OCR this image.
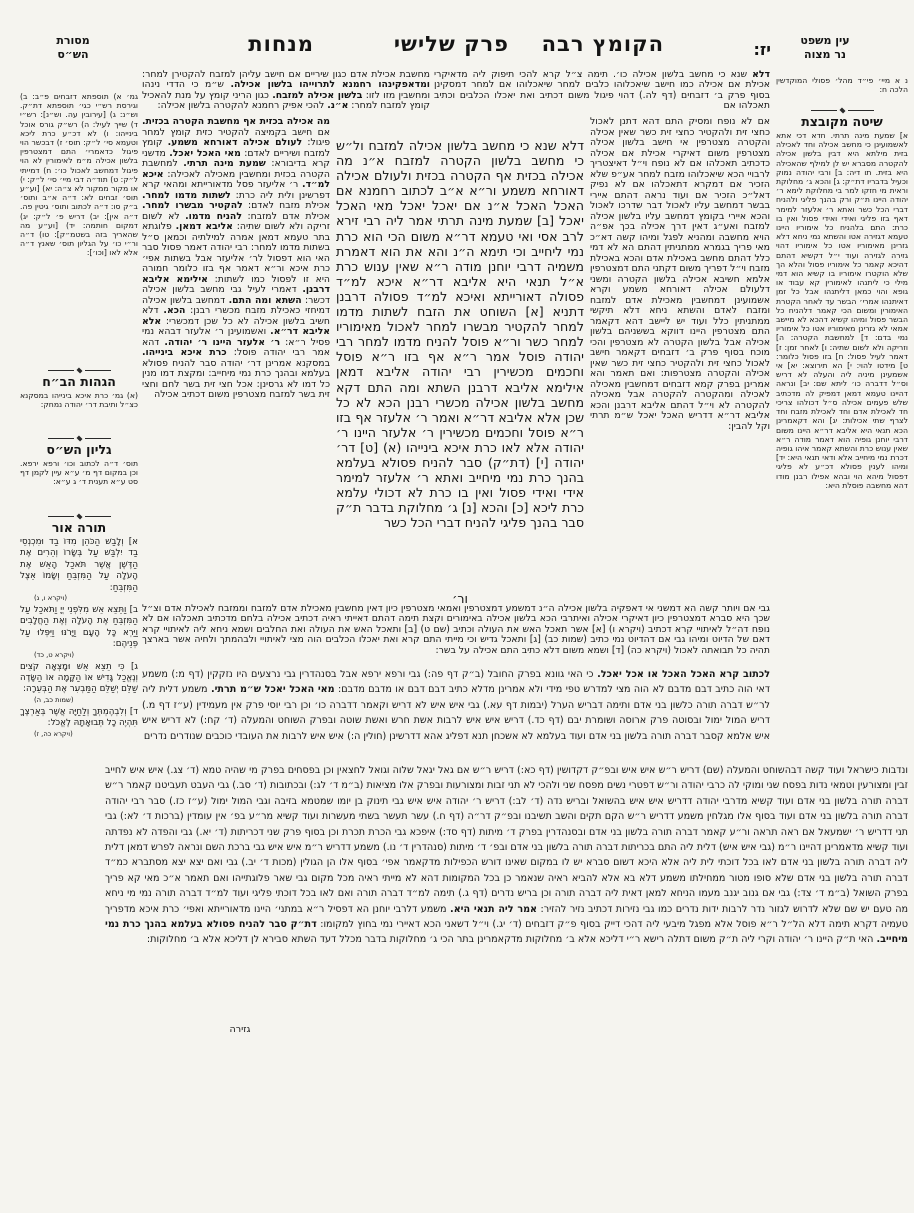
עין משפט
נר מצוה
יז:
הקומץ רבה
פרק שלישי
מנחות
מסורת
הש״ס
נ א מיי׳ פי״ד מהל׳ פסולי המוקדשין הלכה ח:
שיטה מקובצת
א] שמעת מינה תרתי. חדא דכי אתא לאשמועינן כי מחשב אכילה וחד לאכילה בזית מילתא היא דבין בלשון אכילה להקטרה מסברא יש לן למילף שהאכילה היא בזית. תו דיה: ב] ורבי יהודה נמוק וכעיל בדבריו דת״ק: ג] והכא ג׳ מחלוקת וראית מי חזקו למר בי מחלוקת לימא ר׳ יהודה היינו ת״ק ורק בהנך פליגי ולהניח דברי הכל כשר ואתא ר׳ אלעזר למימר דאף בזו פליגי ואידי ואידי פסול ואין בו כרת: התם בלהניח כל אימוריו היינו טעמא דגזירה אטו והשתא נמי ניחא דלא גזרינן מאימוריו אטו כל אימוריו דהוי גזירה לגזירה ועוד י״ל דקשיא דהתם דהיכא קאמר כל אימוריו פסול והלא הך שלא הוקטרו אימוריו בו קשיא הוא דמי מילי כי ליתנהו לאימורין קא עבוד או גופא והוי כמאן דליתנהו אבל כל זמן דאיתנהו אמרי׳ הבשר עד לאחר הקטרת האימורין ומשום הכי קאמר דלהניח כל הבשר פסול ומיהו קשיא דהכא לא מיישב אמאי לא גזרינן מאימוריו אטו כל אימוריו נמי בדם: ד] למחשבת הקטרה: ה] וזריקה ולא לשום שתיה: ו] לאחר זמן: ז] דאמר לעיל פסול: ח] בזו פסול כלומר: ט] מידטו להוי: י] הא תירוצא: יא] אי אשמעינן מיניה ליה והעלה לא דריש וס״ל דדברה כו׳ ליתא שם: יב] ונראה דהיינו טעמא דמאן דמפיק לה מדכתיב שלש פעמים אכילה ס״ל דכולהו צריכי חד לאכילת אדם וחד לאכילת מזבח וחד לצרף שתי אכילות: יג] והא דקאמרינן הכא תנאי היא אליבא דר״א היינו משום דרבי יוחנן גופיה הוא דאמר מודה ר״א שאין ענוש כרת והשתא קאמר איהו גופיה דכרת נמי מיחייב אלא ודאי תנאי היא: יד] ומיהו לענין פסולא דכ״ע לא פליגי דפסול מיהא הוי ובהא אפילו רבנן מודו דהא מחשבה פוסלת היא:
גמ׳ א) תוספתא דזבחים פ״ב: ב) וגירסת רש״י כגי׳ תוספתא דת״ק. וש״נ: ג) [עירובין עה. וש״נ]: רש״י ד) שייך לעיל: ה) רש״ק גורס אוכל בינייהו: ו) לא דכ״ע כרת ליכא וטעמא סי׳ ל״ק: תוס׳ ז) דבכשר הוי פיגול כדאמרי׳ התם דמצטרפין בלשון אכילה מ״מ לאימורין לא הוי פיגול דמחשב לאכול כו׳: ח) דמייתי ל״ק: ט) תוד״ה דבי מיי׳ סי׳ ל״ק: י) או מקור ממקור לא צ״ה: יא) [וע״ע תוס׳ זבחים לא: ד״ה א״ב ותוס׳ ב״ק סו: ד״ה לכתוב ותוס׳ גיטין פה. ד״ה אין]: יב) דריש פ׳ ל״ק: יג) דמקום חותמה: יד) [וע״ע מה שהאריך בזה בשטמ״ק]: טו) ד״ה ור״י כו׳ על הגליון תוס׳ שאנץ ד״ה אלא לאו [וכו׳]:
הגהות הב״ח
(א) גמ׳ כרת איכא בינייהו במסקנא כצ״ל ותיבת דר׳ יהודה נמחק:
גליון הש״ס
תוס׳ ד״ה לכתוב וכו׳ ורפא ירפא. וכן במקום דף מ׳ ע״א עיין לקמן דף סט ע״א תענית ד׳ ג ע״א:
תורה אור
א] וְלָבַשׁ הַכֹּהֵן מִדּוֹ בַד וּמִכְנְסֵי בַד יִלְבַּשׁ עַל בְּשָׂרוֹ וְהֵרִים אֶת הַדֶּשֶׁן אֲשֶׁר תֹּאכַל הָאֵשׁ אֶת הָעֹלָה עַל הַמִּזְבֵּחַ וְשָׂמוֹ אֵצֶל הַמִּזְבֵּחַ:
(ויקרא ו, ג)
ב] וַתֵּצֵא אֵשׁ מִלִּפְנֵי יְיָ וַתֹּאכַל עַל הַמִּזְבֵּחַ אֶת הָעֹלָה וְאֶת הַחֲלָבִים וַיַּרְא כָּל הָעָם וַיָּרֹנּוּ וַיִּפְּלוּ עַל פְּנֵיהֶם:
(ויקרא ט, כד)
ג] כִּי תֵצֵא אֵשׁ וּמָצְאָה קֹצִים וְנֶאֱכַל גָּדִישׁ אוֹ הַקָּמָה אוֹ הַשָּׂדֶה שַׁלֵּם יְשַׁלֵּם הַמַּבְעִר אֶת הַבְּעֵרָה:
(שמות כב, ה)
ד] וְלִבְהֶמְתְּךָ וְלַחַיָּה אֲשֶׁר בְּאַרְצֶךָ תִּהְיֶה כָל תְּבוּאָתָהּ לֶאֱכֹל:
(ויקרא כה, ז)
מחשבת אכילת אדם כגון שיריים אם חישב עליהן למזבח להקטירן למחר: ומדאפקינהו רחמנא לתרוייהו בלשון אכילה. ש״מ כי הדדי נינהו ומחשבין מזו לזו: בלשון אכילה למזבח. כגון הריני קומץ על מנת להאכיל קומץ למזבח למחר: א״נ. להכי אפיק רחמנא להקטרה בלשון אכילה:
דלא שנא כי מחשב בלשון אכילה כו׳. תימה צ״ל קרא להכי תיפוק ליה מדאיקרי אכילת אם אכילה כמו חישב שיאכלוהו כלבים למחר שיאכלוהו אם למחר דמסקינן בסוף פרק ב׳ דזבחים (דף לה.) דהוי פיגול משום דכתיב ואת יאכלו הכלבים וכתיב תאכלהו אם
מה אכילה בכזית אף מחשבת הקטרה בכזית. אם חישב בקמיצה להקטיר כזית קומץ למחר פיגול: לעולם אכילה דאורחא משמע. קומץ למזבח ושיריים לאדם: מאי האכל יאכל. מדשני קרא בדיבורא: שמעת מינה תרתי. למחשבת הקטרה בכזית ומחשבין מאכילה לאכילה: איכא למ״ד. ר׳ אליעזר פסל מדאורייתא ומהאי קרא דפרשינן ולית ליה כרת: לשתות מדמו למחר. אכילת מזבח לאדם: להקטיר מבשרו למחר. אכילת אדם למזבח: להניח מדמו. לא לשום זריקה ולא לשום שתיה: אליבא דמאן. פלוגתא בתר טעמא דמאן אמרה למילתיה וכמאן ס״ל בשתות מדמו למחר: רבי יהודה דאמר פסול סבר האי הוא דפסול לר׳ אליעזר אבל בשתות אפי׳ כרת איכא ור״א דאמר אף בזו כלומר חמורה היא זו לפסול כמו לשתות: אילימא אליבא דרבנן. דאמרי לעיל גבי מחשב בלשון אכילה דכשר: השתא ומה התם. דמחשב בלשון אכילה דמיחזי כאכילת מזבח מכשרי רבנן: הכא. דלא חשיב בלשון אכילה לא כל שכן דמכשרי: אלא אליבא דר״א. ואשמועינן ר׳ אלעזר דבהא נמי פסיל ר״א: ר׳ אלעזר היינו ר׳ יהודה. דהא אמר רבי יהודה פוסל: כרת איכא בינייהו. במסקנא אמרינן דר׳ יהודה סבר להניח פסולא בעלמא ובהנך כרת נמי מיחייב: ומקצת דמו מנין כל דמו לא גרסינן: אכל חצי זית בשר לחם וחצי זית בשר למזבח מצטרפין משום דכתיב אכילה
דלא שנא כי מחשב בלשון אכילה למזבח ול״ש כי מחשב בלשון הקטרה למזבח א״נ מה אכילה בכזית אף הקטרה בכזית ולעולם אכילה דאורחא משמע ור״א א״ב לכתוב רחמנא אם האכל האכל א״נ אם יאכל יאכל מאי האכל יאכל [ב] שמעת מינה תרתי אמר ליה רבי זירא לרב אסי ואי טעמא דר״א משום הכי הוא כרת נמי ליחייב וכי תימא ה״נ והא את הוא דאמרת משמיה דרבי יוחנן מודה ר״א שאין ענוש כרת א״ל תנאי היא אליבא דר״א איכא למ״ד פסולה דאורייתא ואיכא למ״ד פסולה דרבנן דתניא [א] השוחט את הזבח לשתות מדמו למחר להקטיר מבשרו למחר לאכול מאימוריו למחר כשר ור״א פוסל להניח מדמו למחר רבי יהודה פוסל אמר ר״א אף בזו ר״א פוסל וחכמים מכשירין רבי יהודה אליבא דמאן אילימא אליבא דרבנן השתא ומה התם דקא מחשב בלשון אכילה מכשרי רבנן הכא לא כל שכן אלא אליבא דר״א ואמר ר׳ אלעזר אף בזו ר״א פוסל וחכמים מכשירין ר׳ אלעזר היינו ר׳ יהודה אלא לאו כרת איכא בינייהו (א) [ט] דר׳ יהודה [י] (דת״ק) סבר להניח פסולא בעלמא בהנך כרת נמי מיחייב ואתא ר׳ אלעזר למימר אידי ואידי פסול ואין בו כרת לא דכולי עלמא כרת ליכא [כ] והכא [נ] ג׳ מחלוקת בדבר ת״ק סבר בהנך פליגי להניח דברי הכל כשר
ור׳
אם לא נופח ומסיק התם דהא דתנן לאכול כחצי זית ולהקטיר כחצי זית כשר שאין אכילה והקטרה מצטרפין אי חישב בלשון אכילה מצטרפין משום דאיקרי אכילת אם אכילה כדכתיב תאכלהו אם לא נופח וי״ל דאיצטריך לרבויי הכא שיאכלוהו מזבח למחר אע״פ שלא הזכיר אם דמקרא דתאכלהו אם לא נפיק דאל״כ הזכיר אם ועוד נראה דהתם איירי בבשר דמחשב עליו לאכול דבר שדרכו לאכול והכא איירי בקומץ דמחשב עליו בלשון אכילה למזבח ואע״ג דאין דרך אכילה בכך אפ״ה הויא מחשבה ומהניא לפגל ומיהו קשה דא״כ מאי פריך בגמרא ממתניתין דהתם הא לא דמי כלל דהתם מחשב באכילת אדם והכא באכילת מזבח וי״ל דפריך משום דקתני התם דמצטרפין אלמא חשיבא אכילה בלשון הקטרה ומשני דלעולם אכילה דאורחא משמע וקרא אשמועינן דמחשבין מאכילת אדם למזבח ומזבח לאדם והשתא ניחא דלא תיקשי ממתניתין כלל ועוד יש ליישב דהא דקאמר התם מצטרפין היינו דווקא בששניהם בלשון אכילה אבל בלשון הקטרה לא מצטרפין והכי מוכח בסוף פרק ב׳ דזבחים דקאמר חישב לאכול כחצי זית ולהקטיר כחצי זית כשר שאין אכילה והקטרה מצטרפות: ואם תאמר והא אמרינן בפרק קמא דזבחים דמחשבין מאכילה לאכילה ומהקטרה להקטרה אבל מאכילה להקטרה לא וי״ל דהתם אליבא דרבנן והכא אליבא דר״א דדריש האכל יאכל ש״מ תרתי וקל להבין:
גבי אם ויותר קשה הא דמשני אי דאפקיה בלשון אכילה ה״נ דמשמע דמצטרפין ואמאי מצטרפין כיון דאין מחשבין מאכילת אדם למזבח וממזבח לאכילת אדם וצ״ל שכך היא סברא דמצטרפין כיון דאיקרי אכילה ואיתרבי הכא בלשון אכילה באימורים וקצת תימה דהתם דאייתי ראיה דכתיב אכילה בלחם מדכתיב תאכלהו אם לא נופח דה״ל לאיתויי קרא דכתיב (ויקרא ו) [א] אשר תאכל האש את העולה וכתיב (שם ט) [ב] ותאכל האש את העולה ואת החלבים ושמא ניחא ליה לאיתויי קרא דאם של הדיוט ומיהו גבי אם דהדיוט נמי כתיב (שמות כב) [ג] ותאכל גדיש וכי מייתי התם קרא ואת יאכלו הכלבים הוה מצי לאיתויי ולבהמתך ולחיה אשר בארצך תהיה כל תבואתה לאכול (ויקרא כה) [ד] ושמא משום דלא כתיב התם אכילה על בשר:
לכתוב קרא האכל האכל או אכל יאכל. כי האי גוונא בפרק החובל (ב״ק דף פה:) גבי ורפא ירפא אבל בסנהדרין גבי נרצעים היו נזקקין (דף מ:) משמע דאי הוה כתיב דבם מדבם לא הוה מצי למדרש טפי מידי ולא אמרינן מדלא כתיב דבם דבם או מדבם מדבם: מאי האכל יאכל ש״מ תרתי. משמע דלית ליה לר״ש דברה תורה כלשון בני אדם ותימה דבריש הערל (יבמות דף עא.) גבי איש איש לא דריש וקאמר דדברה כו׳ וכן רבי יוסי פרק אין מעמידין (ע״ז דף מ.) דריש המול ימול ובסוטה פרק ארוסה ושומרת יבם (דף כד.) דריש איש איש לרבות אשת חרש ואשת שוטה ובפרק השוחט והמעלה (ד׳ קח:) לא דריש איש איש אלמא קסבר דברה תורה בלשון בני אדם ועוד בעלמא לא אשכחן תנא דפליג אהא דדרשינן (חולין ה:) איש איש לרבות את העובדי כוכבים שנודרים נדרים
ונדבות כישראל ועוד קשה דבהשוחט והמעלה (שם) דריש ר״ש איש איש ובפ״ק דקדושין (דף כא:) דריש ר״ש אם גאל יגאל שלוה וגואל לחצאין וכן בפסחים בפרק מי שהיה טמא (ד׳ צג.) איש איש לחייב זבין ומצורעין וטמאי נדות בפסח שני ומוקי לה כרבי יהודה ור״ש דפטרי נשים מפסח שני ולהכי לא תני זבות ומצורעות ובפרק אלו מציאות (ב״מ ד׳ לג:) ובכתובות (ד׳ סב.) גבי העבט תעביטנו קאמר ר״ש דברה תורה בלשון בני אדם ועוד קשיא מדרבי יהודה דדריש איש איש בהשואל ובריש נדה (ד׳ לב:) דריש ר׳ יהודה איש איש גבי תינוק בן יומו שמטמא בזיבה וגבי המול ימול (ע״ז כז.) סבר רבי יהודה דברה תורה בלשון בני אדם ועוד בסוף אלו מגלחין משמע דדריש ר״ש הקם תקים והשב תשיבנו ובפ״ק דר״ה (דף ח.) עשר תעשר בשתי מעשרות ועוד קשיא מר״ע בפ׳ אין עומדין (ברכות ד׳ לא:) גבי תני דדריש ר׳ ישמעאל אם ראה תראה ור״ע קאמר דברה תורה בלשון בני אדם ובסנהדרין בפרק ד׳ מיתות (דף סד:) איפכא גבי הכרת תכרת וכן בסוף פרק שני דכריתות (ד׳ יא.) גבי והפדה לא נפדתה ועוד קשיא מדאמרינן דהיינו ר״מ (גבי איש איש) דלית ליה התם בכריתות דברה תורה בלשון בני אדם ובפ׳ ד׳ מיתות (סנהדרין ד׳ נו.) משמע דדריש ר״מ איש איש גבי ברכת השם ונראה לפרש דמאן דלית ליה דברה תורה בלשון בני אדם לאו בכל דוכתי לית ליה אלא היכא דשום סברא יש לו במקום שאינו דורש הכפילות מדקאמר אפי׳ בסוף אלו הן הגולין (מכות ד׳ יב.) גבי ואם יצא יצא מסתברא כמ״ד דברה תורה בלשון בני אדם שלא סופו מטור ממחילתו משמע דלא בא אלא להביא ראיה שנאמר כן בכל המקומות דהא לא מייתי ראיה מכל מקום גבי שאר פלוגתייהו ואם תאמר א״כ מאי קא פריך בפרק השואל (ב״מ ד׳ צד:) גבי אם גנוב יגנב מעמו הניחא למאן דאית ליה דברה תורה וכן בריש נדרים (דף ג.) תימה למ״ד דברה תורה ואם לאו בכל דוכתי פליגי ועוד למ״ד דברה תורה נמי מי ניחא מה טעם יש שם שלא לדרוש לגזור נדר לרבות ידות נדרים כמו גבי נזירות דכתיב נזיר להזיר: אמר ליה תנאי היא. משמע דלרבי יוחנן הא דפסיל ר״א במתני׳ היינו מדאורייתא ואפי׳ כרת איכא מדפריך טעמיה דקרא תימה דלא הל״ל ר״א פוסל אלא מפגל מיבעי ליה דהכי דייק בסוף פ״ק דזבחים (ד׳ יג.) וי״ל דשאני הכא דאיירי נמי בחוץ למקומו: דת״ק סבר להניח פסולא בעלמא בהנך כרת נמי מיחייב. האי ת״ק היינו ר׳ יהודה וקרי ליה ת״ק משום דתלה רישא ר״י דליכא אלא ב׳ מחלוקות מדקאמרינן בתר הכי ג׳ מחלוקות בדבר מכלל דעד השתא סבירא לן דליכא אלא ב׳ מחלוקות:
גזירה
